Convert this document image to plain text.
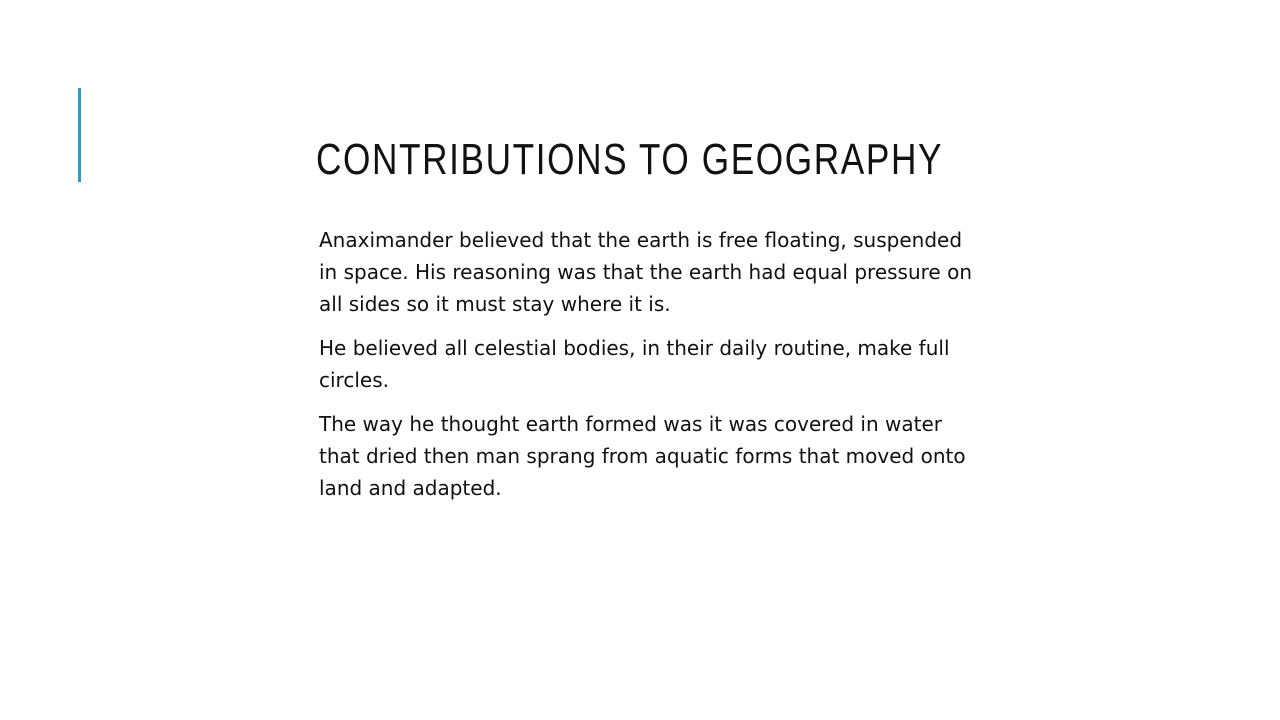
CONTRIBUTIONS TO GEOGRAPHY

Anaximander believed that the earth is free floating, suspended in space. His reasoning was that the earth had equal pressure on all sides so it must stay where it is.

He believed all celestial bodies, in their daily routine, make full circles.

The way he thought earth formed was it was covered in water that dried then man sprang from aquatic forms that moved onto land and adapted.
